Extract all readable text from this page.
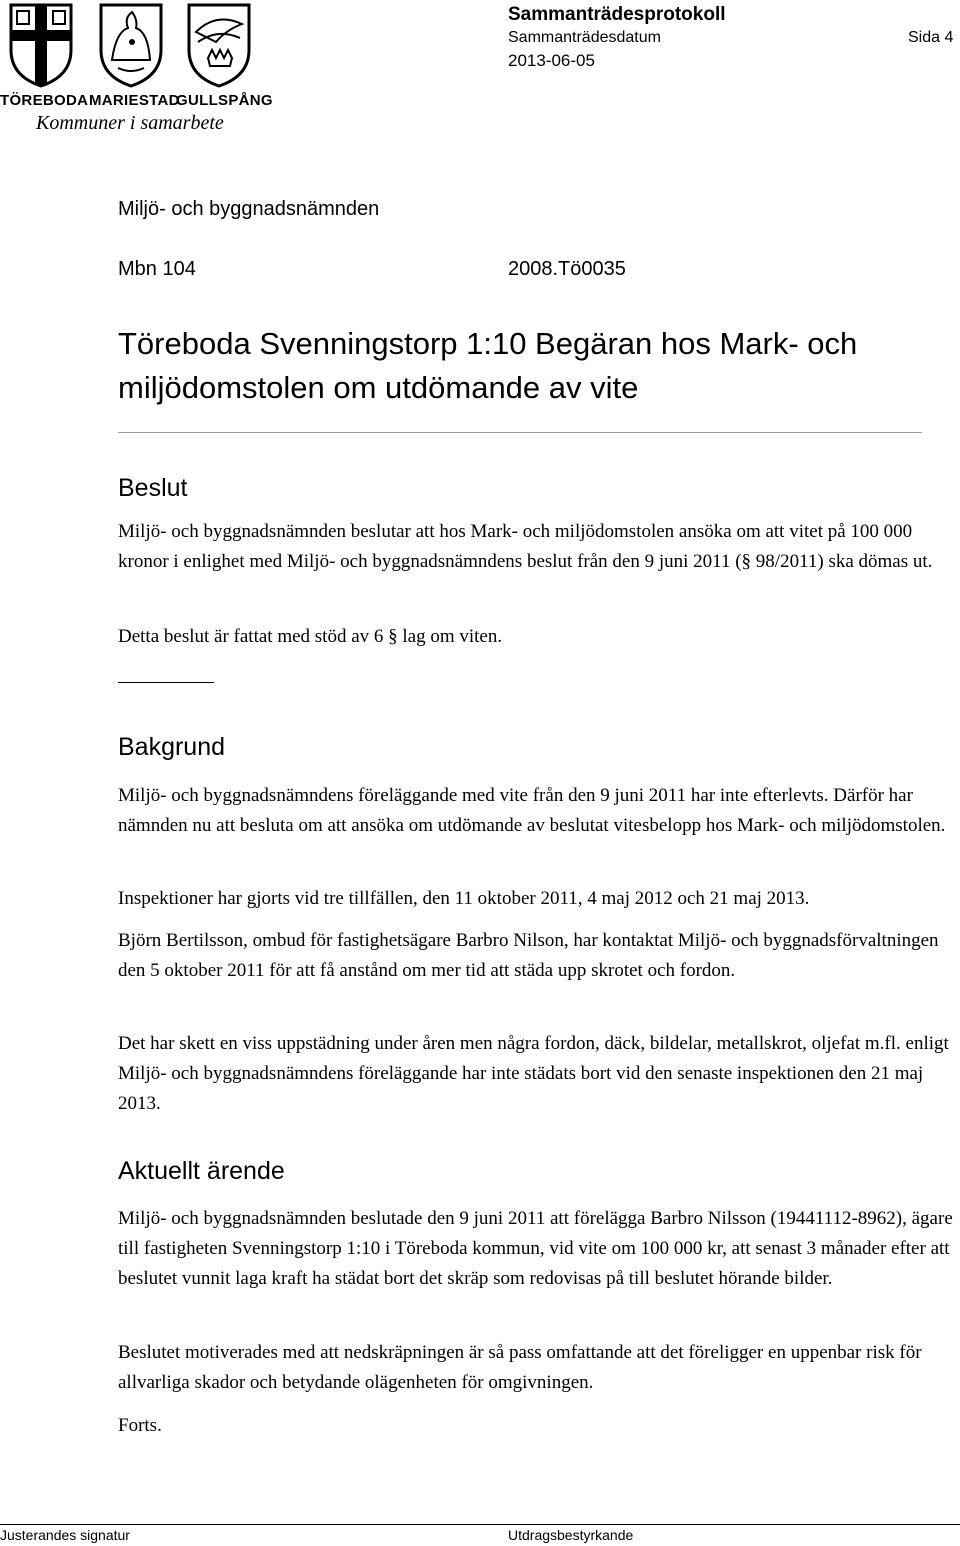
TÖREBODA MARIESTAD
GULLSPÅNG
Kommuner i samarbete
Sammanträdesprotokoll
Sammanträdesdatum	Sida 4
2013-06-05
Miljö- och byggnadsnämnden
Mbn 104	2008.Tö0035
Töreboda Svenningstorp 1:10 Begäran hos Mark- och miljödomstolen om utdömande av vite
Beslut

Miljö- och byggnadsnämnden beslutar att hos Mark- och miljödomstolen ansöka om att vitet på 100 000 kronor i enlighet med Miljö- och byggnadsnämndens beslut från den 9 juni 2011 (§ 98/2011) ska dömas ut.

Detta beslut är fattat med stöd av 6 § lag om viten.

Bakgrund

Miljö- och byggnadsnämndens föreläggande med vite från den 9 juni 2011 har inte efterlevts. Därför har nämnden nu att besluta om att ansöka om utdömande av beslutat vitesbelopp hos Mark- och miljödomstolen.

Inspektioner har gjorts vid tre tillfällen, den 11 oktober 2011, 4 maj 2012 och 21 maj 2013.

Björn Bertilsson, ombud för fastighetsägare Barbro Nilson, har kontaktat Miljö- och byggnadsförvaltningen den 5 oktober 2011 för att få anstånd om mer tid att städa upp skrotet och fordon.

Det har skett en viss uppstädning under åren men några fordon, däck, bildelar, metallskrot, oljefat m.fl. enligt Miljö- och byggnadsnämndens föreläggande har inte städats bort vid den senaste inspektionen den 21 maj 2013.

Aktuellt ärende

Miljö- och byggnadsnämnden beslutade den 9 juni 2011 att förelägga Barbro Nilsson (19441112-8962), ägare till fastigheten Svenningstorp 1:10 i Töreboda kommun, vid vite om 100 000 kr, att senast 3 månader efter att beslutet vunnit laga kraft ha städat bort det skräp som redovisas på till beslutet hörande bilder.

Beslutet motiverades med att nedskräpningen är så pass omfattande att det föreligger en uppenbar risk för allvarliga skador och betydande olägenheten för omgivningen.

Forts.

Justerandes signatur	Utdragsbestyrkande
